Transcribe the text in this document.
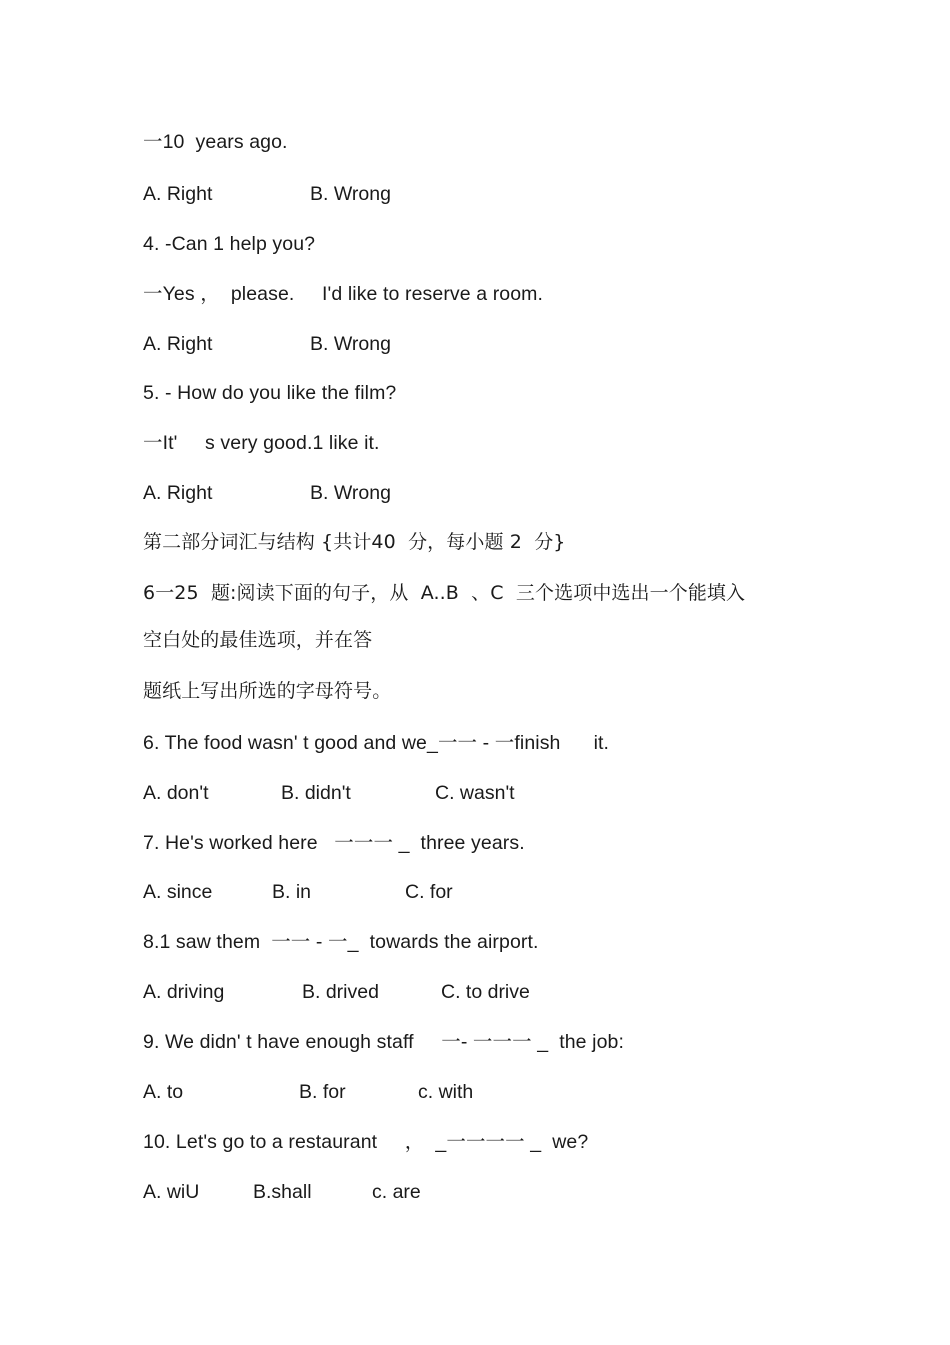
一10  years ago.
A. Right	B. Wrong
4. -Can 1 help you?
一Yes ，  please.     I'd like to reserve a room.
A. Right	B. Wrong
5. - How do you like the film?
一It'     s very good.1 like it.
A. Right	B. Wrong
第二部分词汇与结构 {共计40  分，每小题 2  分}
6一25  题:阅读下面的句子，从  A..B  、C  三个选项中选出一个能填入
空白处的最佳选项，并在答
题纸上写出所选的字母符号。
6. The food wasn' t good and we_一一 - 一finish      it.
A. don't	B. didn't	C. wasn't
7. He's worked here   一一一 _  three years.
A. since	B. in	C. for
8.1 saw them  一一 - 一_  towards the airport.
A. driving	B. drived	C. to drive
9. We didn' t have enough staff     一- 一一一 _  the job:
A. to	B. for	c. with
10. Let's go to a restaurant     ，  _一一一一 _  we?
A. wiU	B.shall	c. are
